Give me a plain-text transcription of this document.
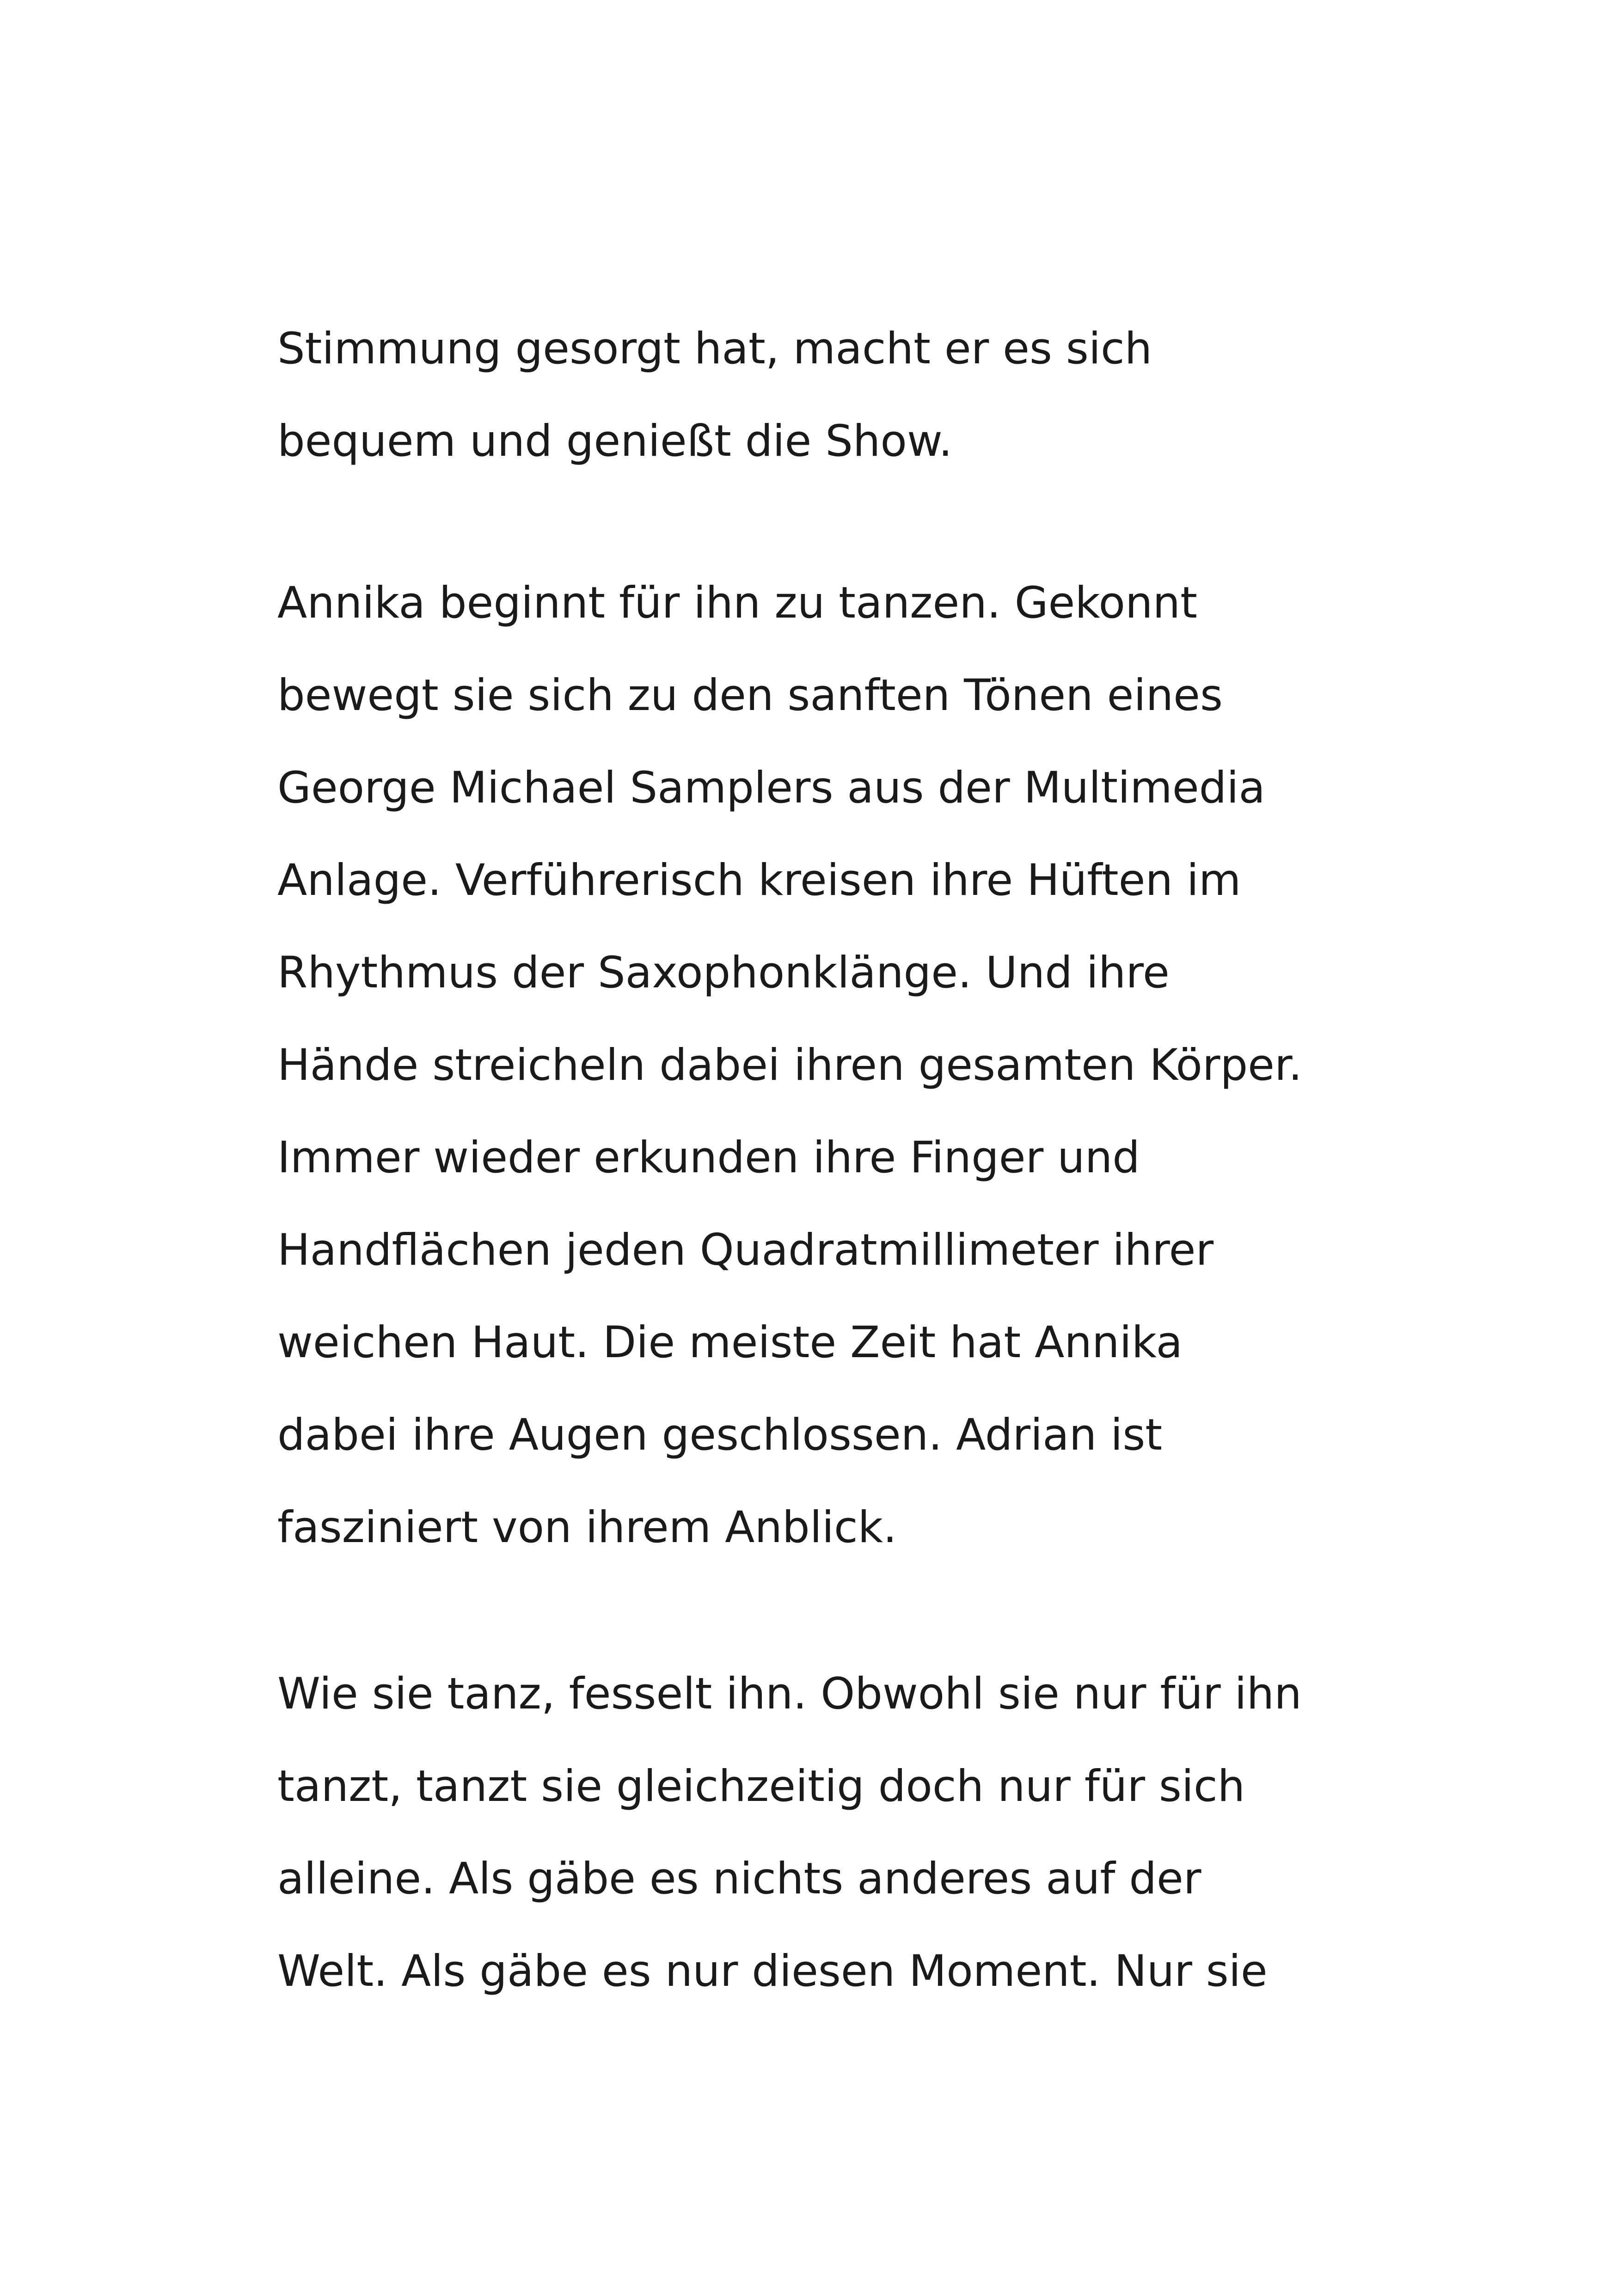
Stimmung gesorgt hat, macht er es sich
bequem und genießt die Show.
Annika beginnt für ihn zu tanzen. Gekonnt
bewegt sie sich zu den sanften Tönen eines
George Michael Samplers aus der Multimedia
Anlage. Verführerisch kreisen ihre Hüften im
Rhythmus der Saxophonklänge. Und ihre
Hände streicheln dabei ihren gesamten Körper.
Immer wieder erkunden ihre Finger und
Handflächen jeden Quadratmillimeter ihrer
weichen Haut. Die meiste Zeit hat Annika
dabei ihre Augen geschlossen. Adrian ist
fasziniert von ihrem Anblick.
Wie sie tanz, fesselt ihn. Obwohl sie nur für ihn
tanzt, tanzt sie gleichzeitig doch nur für sich
alleine. Als gäbe es nichts anderes auf der
Welt. Als gäbe es nur diesen Moment. Nur sie
